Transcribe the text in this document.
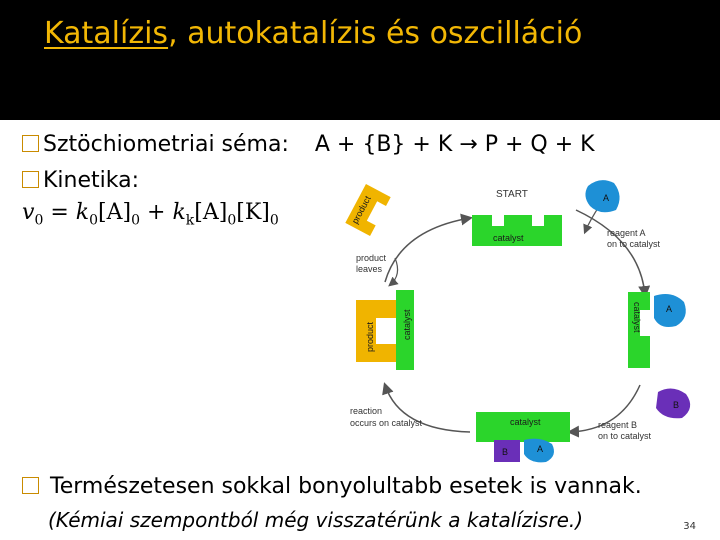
Katalízis, autokatalízis és oszcilláció
Sztöchiometriai séma: A + {B} + K → P + Q + K
Kinetika:
$v_0 = k_0[A]_0 + k_k[A]_0[K]_0$
START
catalyst
A
reagent A
on to catalyst
product
product
leaves
catalyst
product
catalyst	A
B
reagent B
on to catalyst
catalyst
B	A
reaction
occurs on catalyst
Természetesen sokkal bonyolultabb esetek is vannak.
(Kémiai szempontból még visszatérünk a katalízisre.)	34
